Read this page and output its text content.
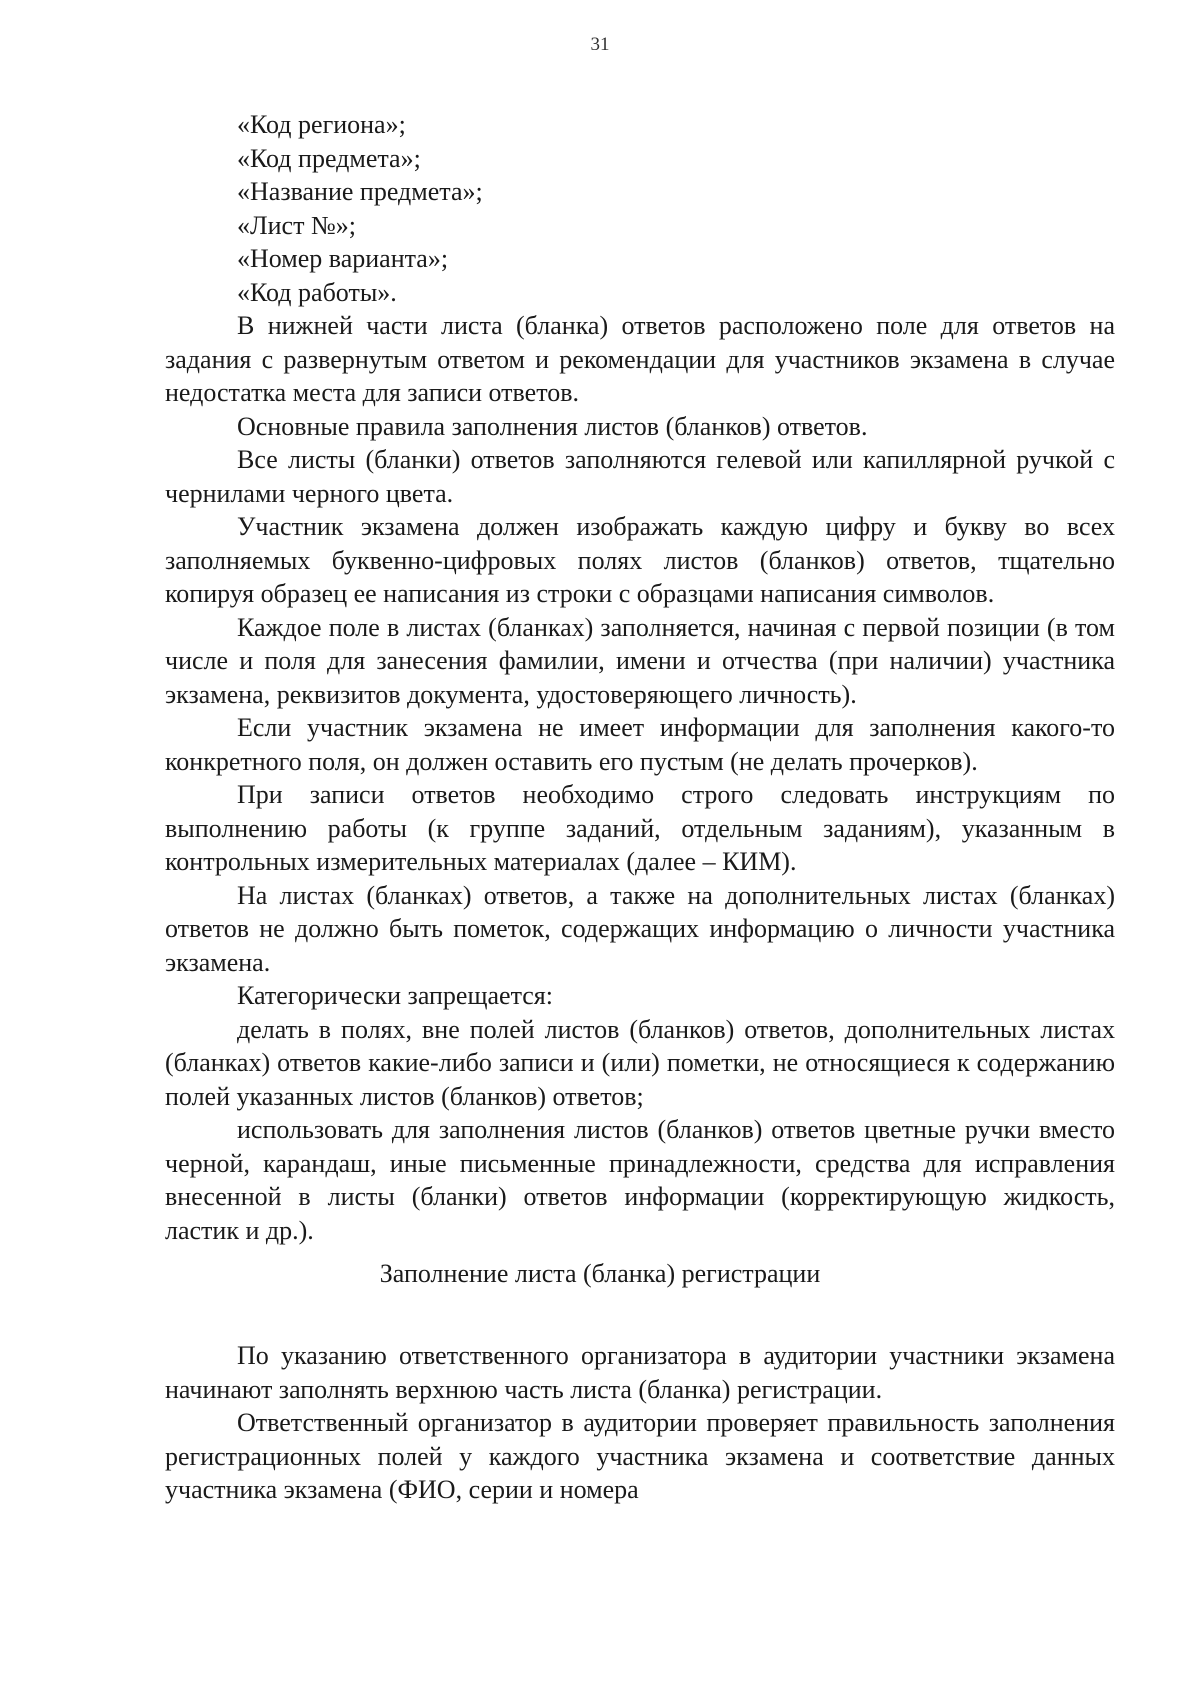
31
«Код региона»;
«Код предмета»;
«Название предмета»;
«Лист №»;
«Номер варианта»;
«Код работы».

В нижней части листа (бланка) ответов расположено поле для ответов на задания с развернутым ответом и рекомендации для участников экзамена в случае недостатка места для записи ответов.

Основные правила заполнения листов (бланков) ответов.

Все листы (бланки) ответов заполняются гелевой или капиллярной ручкой с чернилами черного цвета.

Участник экзамена должен изображать каждую цифру и букву во всех заполняемых буквенно-цифровых полях листов (бланков) ответов, тщательно копируя образец ее написания из строки с образцами написания символов.

Каждое поле в листах (бланках) заполняется, начиная с первой позиции (в том числе и поля для занесения фамилии, имени и отчества (при наличии) участника экзамена, реквизитов документа, удостоверяющего личность).

Если участник экзамена не имеет информации для заполнения какого-то конкретного поля, он должен оставить его пустым (не делать прочерков).

При записи ответов необходимо строго следовать инструкциям по выполнению работы (к группе заданий, отдельным заданиям), указанным в контрольных измерительных материалах (далее – КИМ).

На листах (бланках) ответов, а также на дополнительных листах (бланках) ответов не должно быть пометок, содержащих информацию о личности участника экзамена.

Категорически запрещается:

делать в полях, вне полей листов (бланков) ответов, дополнительных листах (бланках) ответов какие-либо записи и (или) пометки, не относящиеся к содержанию полей указанных листов (бланков) ответов;

использовать для заполнения листов (бланков) ответов цветные ручки вместо черной, карандаш, иные письменные принадлежности, средства для исправления внесенной в листы (бланки) ответов информации (корректирующую жидкость, ластик и др.).

Заполнение листа (бланка) регистрации

По указанию ответственного организатора в аудитории участники экзамена начинают заполнять верхнюю часть листа (бланка) регистрации.

Ответственный организатор в аудитории проверяет правильность заполнения регистрационных полей у каждого участника экзамена и соответствие данных участника экзамена (ФИО, серии и номера
